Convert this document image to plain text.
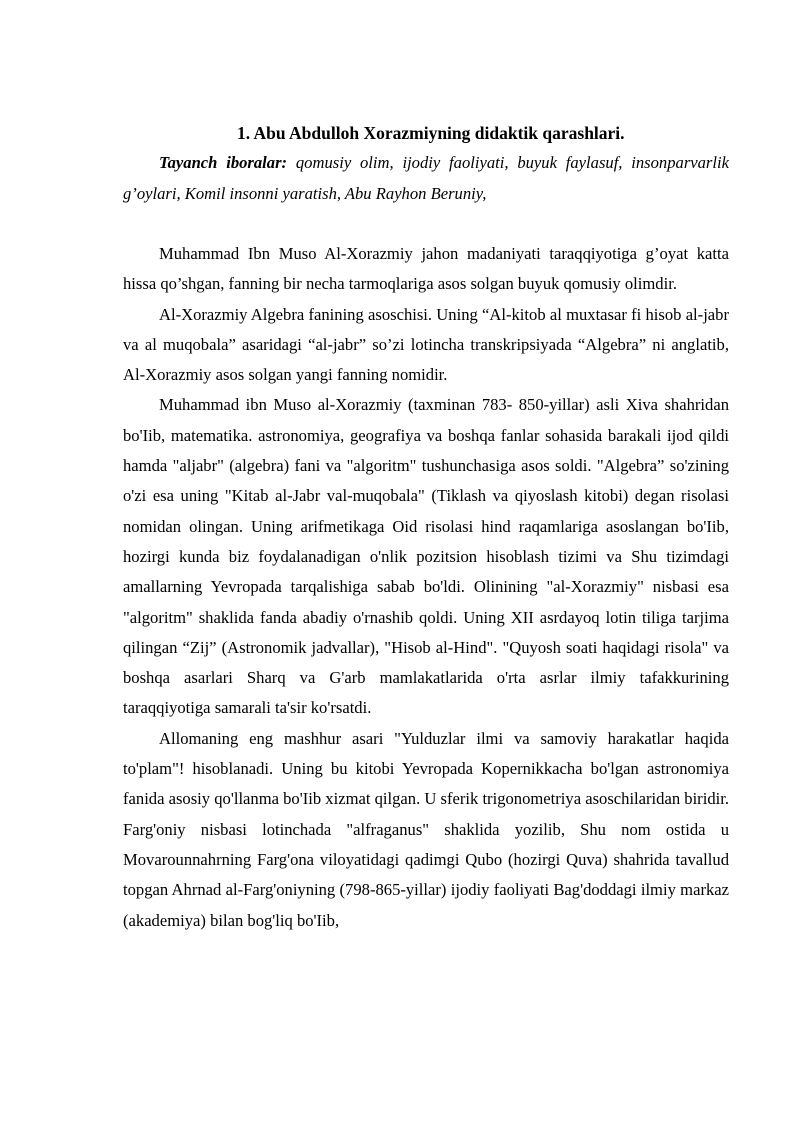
1. Abu Abdulloh Xorazmiyning didaktik qarashlari.

Tayanch iboralar: qomusiy olim, ijodiy faoliyati, buyuk faylasuf, insonparvarlik g’oylari, Komil insonni yaratish, Abu Rayhon Beruniy,

Muhammad Ibn Muso Al-Xorazmiy jahon madaniyati taraqqiyotiga g’oyat katta hissa qo’shgan, fanning bir necha tarmoqlariga asos solgan buyuk qomusiy olimdir.

Al-Xorazmiy Algebra fanining asoschisi. Uning “Al-kitob al muxtasar fi hisob al-jabr va al muqobala” asaridagi “al-jabr” so’zi lotincha transkripsiyada “Algebra” ni anglatib, Al-Xorazmiy asos solgan yangi fanning nomidir.

Muhammad ibn Muso al-Xorazmiy (taxminan 783- 850-yillar) asli Xiva shahridan bo'Iib, matematika. astronomiya, geografiya va boshqa fanlar sohasida barakali ijod qildi hamda "aljabr" (algebra) fani va "algoritm" tushunchasiga asos soldi. "Algebra” so'zining o'zi esa uning "Kitab al-Jabr val-muqobala" (Tiklash va qiyoslash kitobi) degan risolasi nomidan olingan. Uning arifmetikaga Oid risolasi hind raqamlariga asoslangan bo'Iib, hozirgi kunda biz foydalanadigan o'nlik pozitsion hisoblash tizimi va Shu tizimdagi amallarning Yevropada tarqalishiga sabab bo'ldi. Olinining "al-Xorazmiy" nisbasi esa "algoritm" shaklida fanda abadiy o'rnashib qoldi. Uning XII asrdayoq lotin tiliga tarjima qilingan “Zij” (Astronomik jadvallar), "Hisob al-Hind". "Quyosh soati haqidagi risola" va boshqa asarlari Sharq va G'arb mamlakatlarida o'rta asrlar ilmiy tafakkurining taraqqiyotiga samarali ta'sir ko'rsatdi.

Allomaning eng mashhur asari "Yulduzlar ilmi va samoviy harakatlar haqida to'plam"! hisoblanadi. Uning bu kitobi Yevropada Kopernikkacha bo'lgan astronomiya fanida asosiy qo'llanma bo'Iib xizmat qilgan. U sferik trigonometriya asoschilaridan biridir. Farg'oniy nisbasi lotinchada "alfraganus" shaklida yozilib, Shu nom ostida u Movarounnahrning Farg'ona viloyatidagi qadimgi Qubo (hozirgi Quva) shahrida tavallud topgan Ahrnad al-Farg'oniyning (798-865-yillar) ijodiy faoliyati Bag'doddagi ilmiy markaz (akademiya) bilan bog'liq bo'Iib,
